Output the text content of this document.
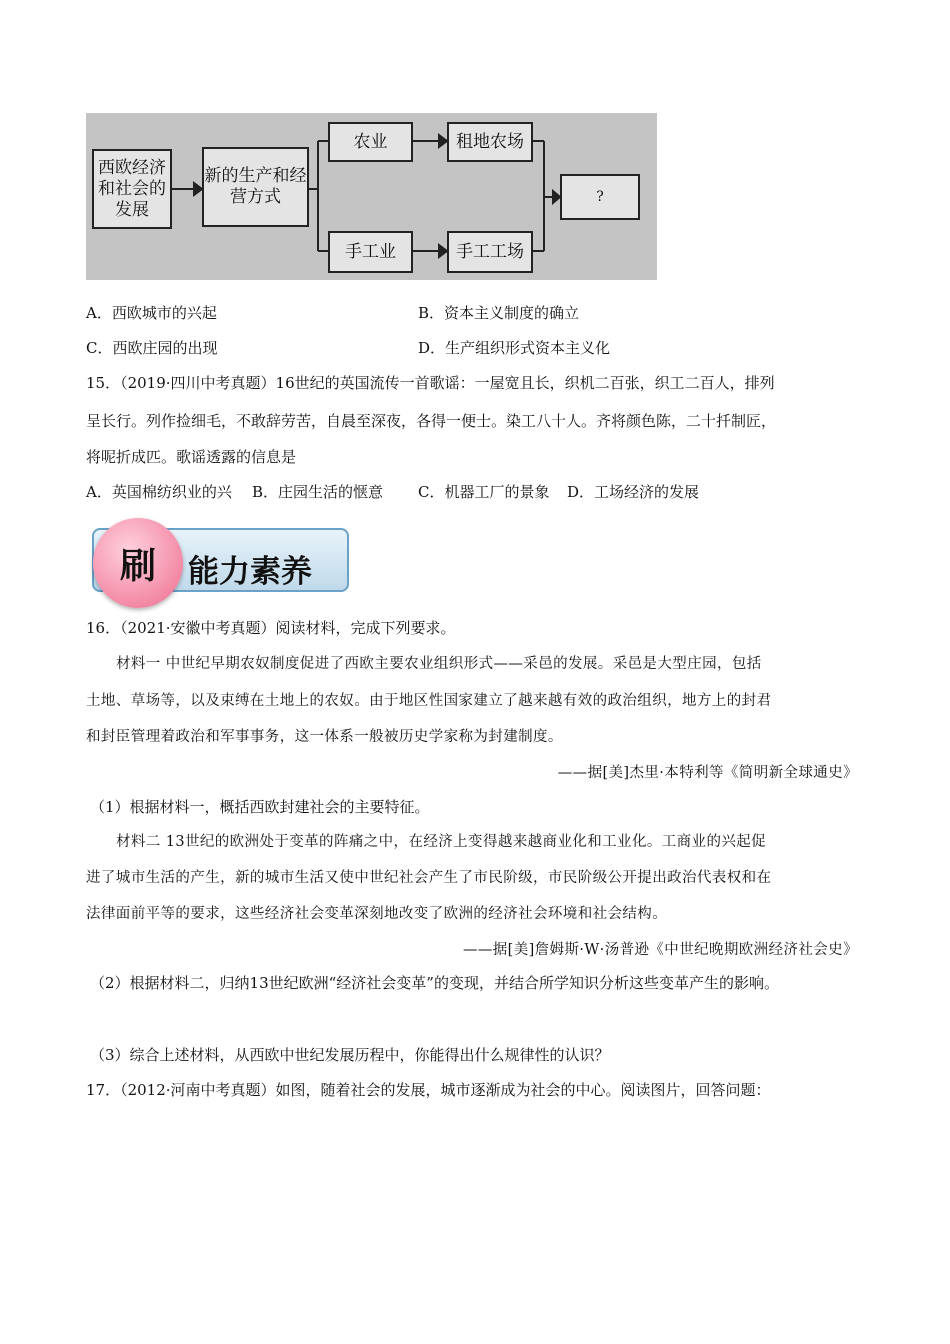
西欧经济和社会的发展
新的生产和经营方式
农业	租地农场
手工业	手工工场
?
A．西欧城市的兴起	B．资本主义制度的确立
C．西欧庄园的出现	D．生产组织形式资本主义化
15．（2019·四川中考真题）16世纪的英国流传一首歌谣：一屋宽且长，织机二百张，织工二百人，排列
呈长行。列作捡细毛，不敢辞劳苦，自晨至深夜，各得一便士。染工八十人。齐将颜色陈，二十扦制匠，
将呢折成匹。歌谣透露的信息是
A．英国棉纺织业的兴 B．庄园生活的惬意 C．机器工厂的景象 D．工场经济的发展
刷	能力素养
16．（2021·安徽中考真题）阅读材料，完成下列要求。
材料一 中世纪早期农奴制度促进了西欧主要农业组织形式——采邑的发展。采邑是大型庄园，包括
土地、草场等，以及束缚在土地上的农奴。由于地区性国家建立了越来越有效的政治组织，地方上的封君
和封臣管理着政治和军事事务，这一体系一般被历史学家称为封建制度。
——据[美]杰里·本特利等《简明新全球通史》
（1）根据材料一，概括西欧封建社会的主要特征。
材料二 13世纪的欧洲处于变革的阵痛之中，在经济上变得越来越商业化和工业化。工商业的兴起促
进了城市生活的产生，新的城市生活又使中世纪社会产生了市民阶级，市民阶级公开提出政治代表权和在
法律面前平等的要求，这些经济社会变革深刻地改变了欧洲的经济社会环境和社会结构。
——据[美]詹姆斯·W·汤普逊《中世纪晚期欧洲经济社会史》
（2）根据材料二，归纳13世纪欧洲“经济社会变革”的变现，并结合所学知识分析这些变革产生的影响。
（3）综合上述材料，从西欧中世纪发展历程中，你能得出什么规律性的认识？
17．（2012·河南中考真题）如图，随着社会的发展，城市逐渐成为社会的中心。阅读图片，回答问题：
